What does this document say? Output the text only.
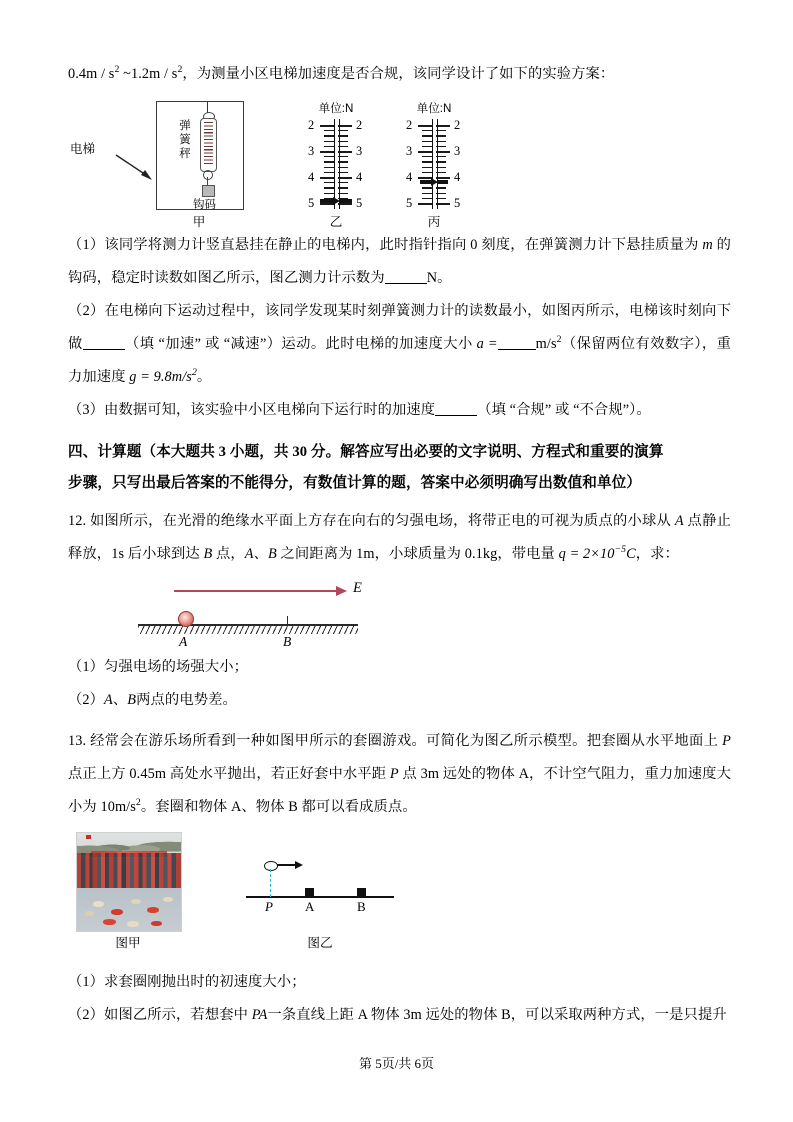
$0.4m / s^2$ ~1.2m / $s^2$，为测量小区电梯加速度是否合规，该同学设计了如下的实验方案：

弹簧秤
钩码
电梯
甲
单位:N
2
3
4
5
2
3
4
5
乙
单位:N
2
3
4
5
2
3
4
5
丙

（1）该同学将测力计竖直悬挂在静止的电梯内，此时指针指向 0 刻度，在弹簧测力计下悬挂质量为 m 的钩码，稳定时读数如图乙所示，图乙测力计示数为	N。

（2）在电梯向下运动过程中，该同学发现某时刻弹簧测力计的读数最小，如图丙所示，电梯该时刻向下做	（填 “加速” 或 “减速”）运动。此时电梯的加速度大小 a =	$m/s^2$（保留两位有效数字），重力加速度 $g = 9.8m/s^2$。

（3）由数据可知，该实验中小区电梯向下运行时的加速度	（填 “合规” 或 “不合规”）。

四、计算题（本大题共 3 小题，共 30 分。解答应写出必要的文字说明、方程式和重要的演算

步骤，只写出最后答案的不能得分，有数值计算的题，答案中必须明确写出数值和单位）

12. 如图所示，在光滑的绝缘水平面上方存在向右的匀强电场，将带正电的可视为质点的小球从 A 点静止释放，1s 后小球到达 B 点，A、B 之间距离为 1m，小球质量为 0.1kg，带电量 $q = 2\times 10^{-5}C$，求：

E
A	B

（1）匀强电场的场强大小；

（2）A、B两点的电势差。

13. 经常会在游乐场所看到一种如图甲所示的套圈游戏。可简化为图乙所示模型。把套圈从水平地面上 P 点正上方 0.45m 高处水平抛出，若正好套中水平距 P 点 3m 远处的物体 A，不计空气阻力，重力加速度大小为 $10m/s^2$。套圈和物体 A、物体 B 都可以看成质点。

图甲
P A	B
图乙

（1）求套圈刚抛出时的初速度大小；

（2）如图乙所示，若想套中 PA一条直线上距 A 物体 3m 远处的物体 B，可以采取两种方式，一是只提升

第 5页/共 6页
